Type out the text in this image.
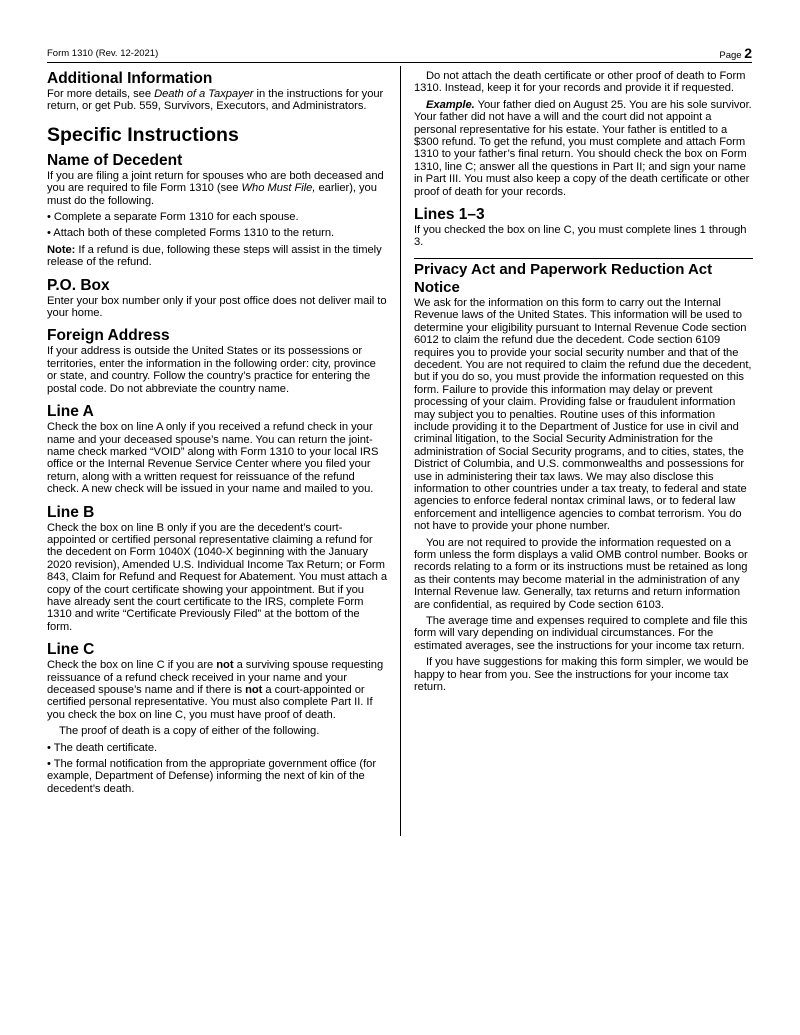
Form 1310 (Rev. 12-2021)	Page 2
Additional Information

For more details, see Death of a Taxpayer in the instructions for your return, or get Pub. 559, Survivors, Executors, and Administrators.

Specific Instructions
Name of Decedent

If you are filing a joint return for spouses who are both deceased and you are required to file Form 1310 (see Who Must File, earlier), you must do the following.

• Complete a separate Form 1310 for each spouse.

• Attach both of these completed Forms 1310 to the return.

Note: If a refund is due, following these steps will assist in the timely release of the refund.

P.O. Box

Enter your box number only if your post office does not deliver mail to your home.

Foreign Address

If your address is outside the United States or its possessions or territories, enter the information in the following order: city, province or state, and country. Follow the country’s practice for entering the postal code. Do not abbreviate the country name.

Line A

Check the box on line A only if you received a refund check in your name and your deceased spouse’s name. You can return the joint-name check marked “VOID” along with Form 1310 to your local IRS office or the Internal Revenue Service Center where you filed your return, along with a written request for reissuance of the refund check. A new check will be issued in your name and mailed to you.

Line B

Check the box on line B only if you are the decedent’s court-appointed or certified personal representative claiming a refund for the decedent on Form 1040X (1040-X beginning with the January 2020 revision), Amended U.S. Individual Income Tax Return; or Form 843, Claim for Refund and Request for Abatement. You must attach a copy of the court certificate showing your appointment. But if you have already sent the court certificate to the IRS, complete Form 1310 and write “Certificate Previously Filed” at the bottom of the form.

Line C

Check the box on line C if you are not a surviving spouse requesting reissuance of a refund check received in your name and your deceased spouse’s name and if there is not a court-appointed or certified personal representative. You must also complete Part II. If you check the box on line C, you must have proof of death.

The proof of death is a copy of either of the following.

• The death certificate.

• The formal notification from the appropriate government office (for example, Department of Defense) informing the next of kin of the decedent’s death.

Do not attach the death certificate or other proof of death to Form 1310. Instead, keep it for your records and provide it if requested.

Example. Your father died on August 25. You are his sole survivor. Your father did not have a will and the court did not appoint a personal representative for his estate. Your father is entitled to a $300 refund. To get the refund, you must complete and attach Form 1310 to your father’s final return. You should check the box on Form 1310, line C; answer all the questions in Part II; and sign your name in Part III. You must also keep a copy of the death certificate or other proof of death for your records.

Lines 1–3

If you checked the box on line C, you must complete lines 1 through 3.

Privacy Act and Paperwork Reduction Act Notice

We ask for the information on this form to carry out the Internal Revenue laws of the United States. This information will be used to determine your eligibility pursuant to Internal Revenue Code section 6012 to claim the refund due the decedent. Code section 6109 requires you to provide your social security number and that of the decedent. You are not required to claim the refund due the decedent, but if you do so, you must provide the information requested on this form. Failure to provide this information may delay or prevent processing of your claim. Providing false or fraudulent information may subject you to penalties. Routine uses of this information include providing it to the Department of Justice for use in civil and criminal litigation, to the Social Security Administration for the administration of Social Security programs, and to cities, states, the District of Columbia, and U.S. commonwealths and possessions for use in administering their tax laws. We may also disclose this information to other countries under a tax treaty, to federal and state agencies to enforce federal nontax criminal laws, or to federal law enforcement and intelligence agencies to combat terrorism. You do not have to provide your phone number.

You are not required to provide the information requested on a form unless the form displays a valid OMB control number. Books or records relating to a form or its instructions must be retained as long as their contents may become material in the administration of any Internal Revenue law. Generally, tax returns and return information are confidential, as required by Code section 6103.

The average time and expenses required to complete and file this form will vary depending on individual circumstances. For the estimated averages, see the instructions for your income tax return.

If you have suggestions for making this form simpler, we would be happy to hear from you. See the instructions for your income tax return.
